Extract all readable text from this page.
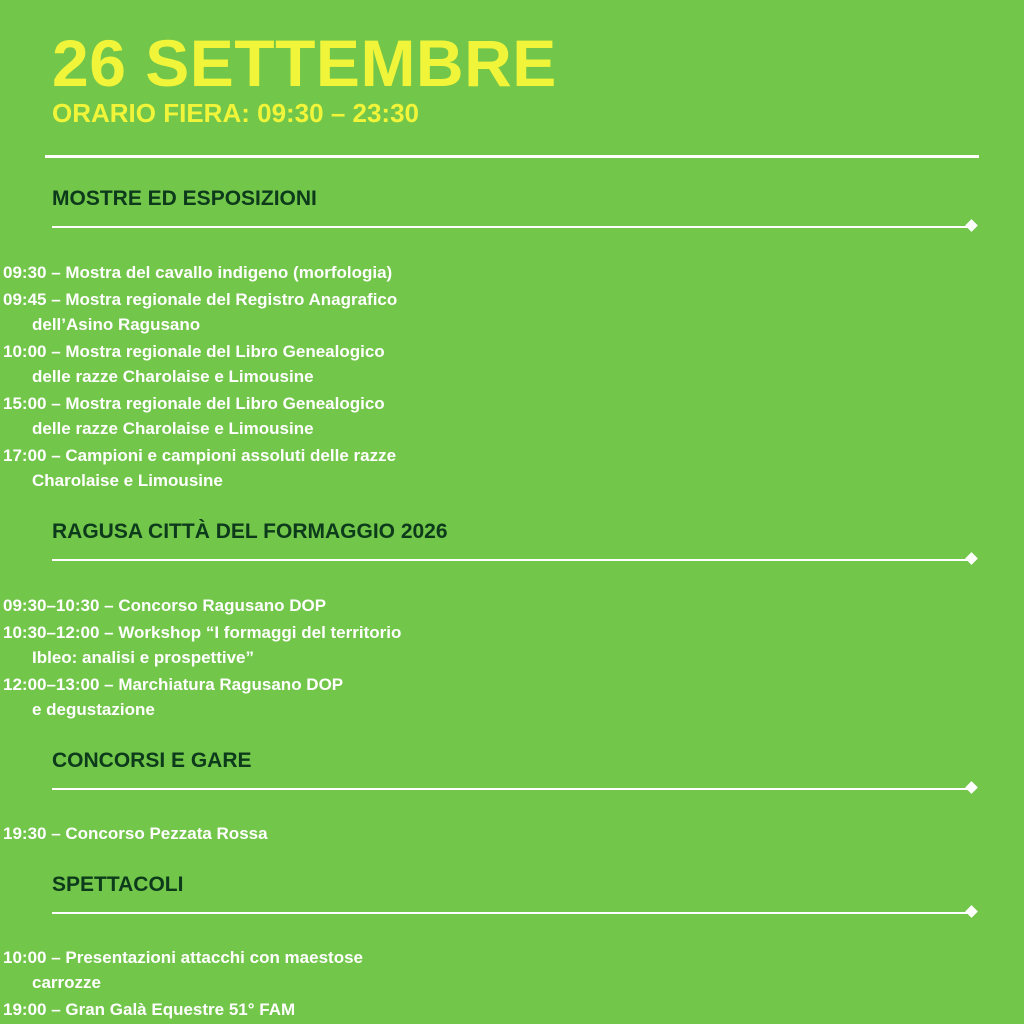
26 SETTEMBRE
ORARIO FIERA: 09:30 – 23:30
MOSTRE ED ESPOSIZIONI
09:30 – Mostra del cavallo indigeno (morfologia)
09:45 – Mostra regionale del Registro Anagrafico
dell’Asino Ragusano
10:00 – Mostra regionale del Libro Genealogico
delle razze Charolaise e Limousine
15:00 – Mostra regionale del Libro Genealogico
delle razze Charolaise e Limousine
17:00 – Campioni e campioni assoluti delle razze
Charolaise e Limousine
RAGUSA CITTÀ DEL FORMAGGIO 2026
09:30–10:30 – Concorso Ragusano DOP
10:30–12:00 – Workshop “I formaggi del territorio
Ibleo: analisi e prospettive”
12:00–13:00 – Marchiatura Ragusano DOP
e degustazione
CONCORSI E GARE
19:30 – Concorso Pezzata Rossa
SPETTACOLI
10:00 – Presentazioni attacchi con maestose
carrozze
19:00 – Gran Galà Equestre 51° FAM
